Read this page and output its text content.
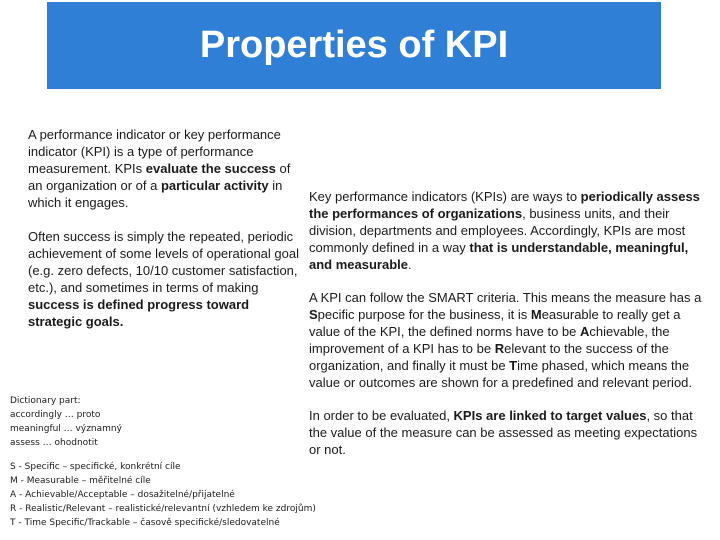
Properties of KPI

A performance indicator or key performance indicator (KPI) is a type of performance measurement. KPIs evaluate the success of an organization or of a particular activity in which it engages.

Often success is simply the repeated, periodic achievement of some levels of operational goal (e.g. zero defects, 10/10 customer satisfaction, etc.), and sometimes in terms of making success is defined progress toward strategic goals.

Key performance indicators (KPIs) are ways to periodically assess the performances of organizations, business units, and their division, departments and employees. Accordingly, KPIs are most commonly defined in a way that is understandable, meaningful, and measurable.

A KPI can follow the SMART criteria. This means the measure has a Specific purpose for the business, it is Measurable to really get a value of the KPI, the defined norms have to be Achievable, the improvement of a KPI has to be Relevant to the success of the organization, and finally it must be Time phased, which means the value or outcomes are shown for a predefined and relevant period.

In order to be evaluated, KPIs are linked to target values, so that the value of the measure can be assessed as meeting expectations or not.

Dictionary part:
accordingly … proto
meaningful … významný
assess … ohodnotit
S - Specific – specifické, konkrétní cíle
M - Measurable – měřitelné cíle
A - Achievable/Acceptable – dosažitelné/přijatelné
R - Realistic/Relevant – realistické/relevantní (vzhledem ke zdrojům)
T - Time Specific/Trackable – časově specifické/sledovatelné
